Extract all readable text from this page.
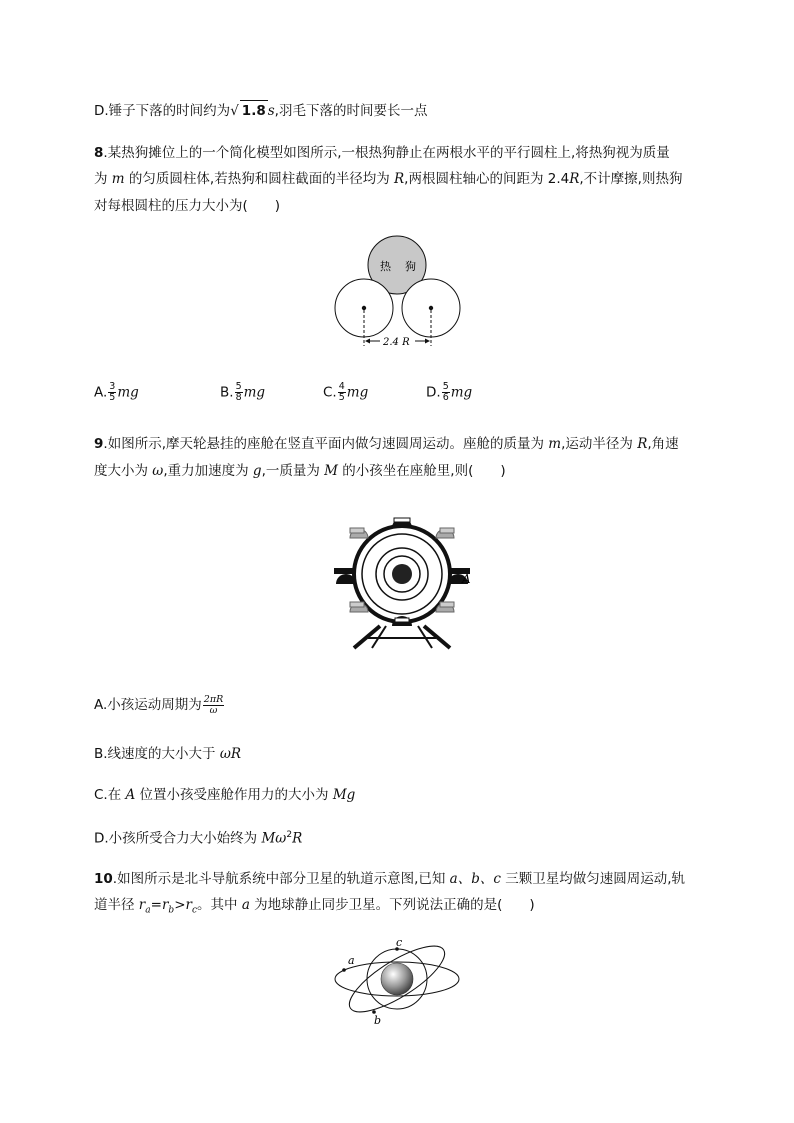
D.锤子下落的时间约为√ 1.8 s,羽毛下落的时间要长一点
8.某热狗摊位上的一个简化模型如图所示,一根热狗静止在两根水平的平行圆柱上,将热狗视为质量
为 m 的匀质圆柱体,若热狗和圆柱截面的半径均为 R,两根圆柱轴心的间距为 2.4R,不计摩擦,则热狗
对每根圆柱的压力大小为(　　)
热 狗
2.4 R
A. $\frac{3}{5}$ mg	B. $\frac{5}{8}$ mg	C. $\frac{4}{5}$ mg	D. $\frac{5}{6}$ mg
9.如图所示,摩天轮悬挂的座舱在竖直平面内做匀速圆周运动。座舱的质量为 m,运动半径为 R,角速
度大小为 ω,重力加速度为 g,一质量为 M 的小孩坐在座舱里,则(　　)
A
A.小孩运动周期为 $\frac{2\pi R}{\omega}$
B.线速度的大小大于 ωR
C.在 A 位置小孩受座舱作用力的大小为 Mg
D.小孩所受合力大小始终为 $M\omega^2R$
10.如图所示是北斗导航系统中部分卫星的轨道示意图,已知 a、b、c 三颗卫星均做匀速圆周运动,轨
道半径 $r_a=r_b>r_c$。其中 a 为地球静止同步卫星。下列说法正确的是(　　)
a
c
b
